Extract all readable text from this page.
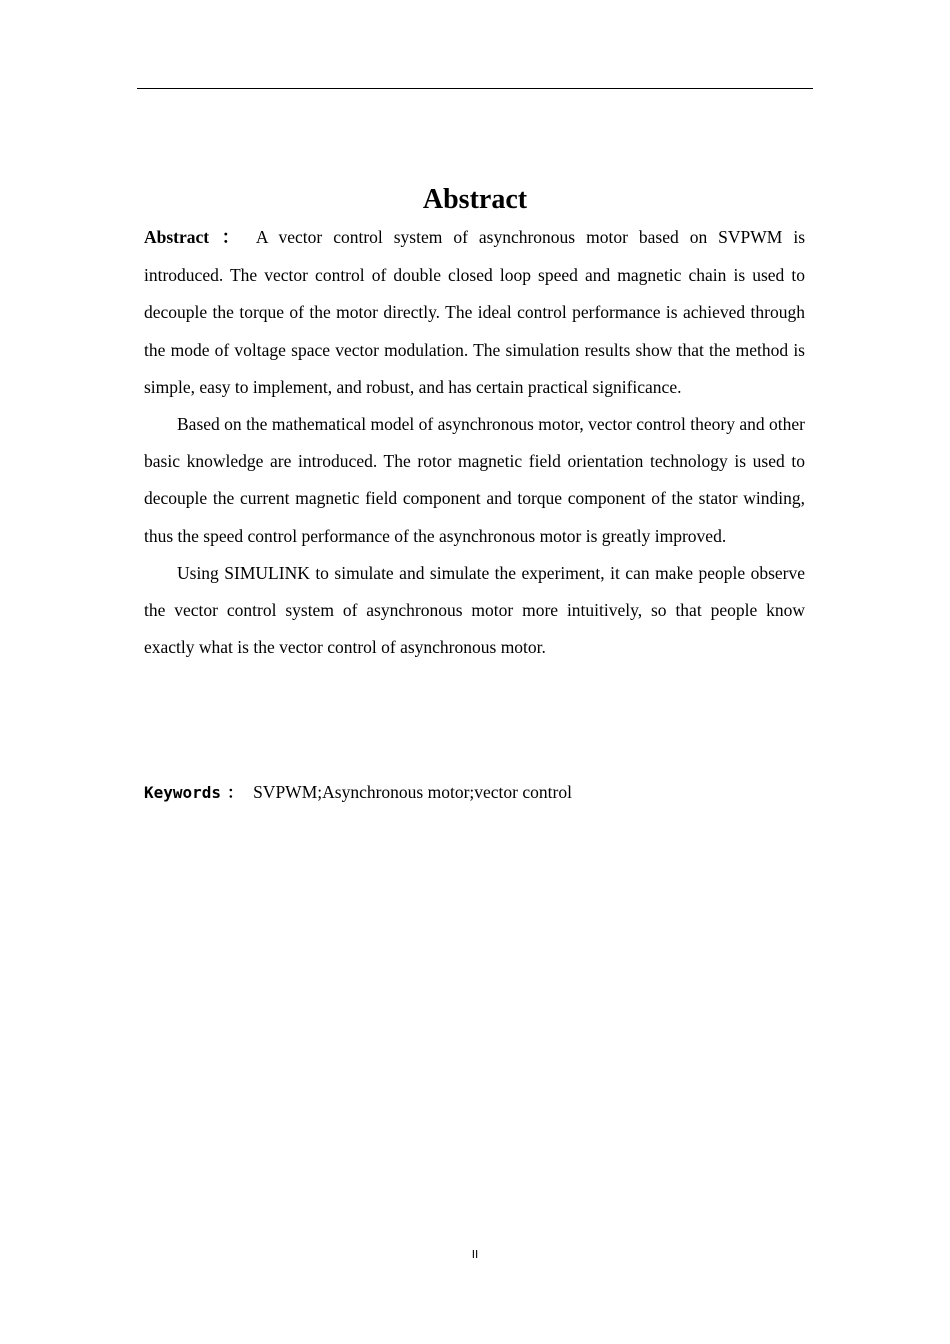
Abstract

Abstract ： A vector control system of asynchronous motor based on SVPWM is introduced. The vector control of double closed loop speed and magnetic chain is used to decouple the torque of the motor directly. The ideal control performance is achieved through the mode of voltage space vector modulation. The simulation results show that the method is simple, easy to implement, and robust, and has certain practical significance.

Based on the mathematical model of asynchronous motor, vector control theory and other basic knowledge are introduced. The rotor magnetic field orientation technology is used to decouple the current magnetic field component and torque component of the stator winding, thus the speed control performance of the asynchronous motor is greatly improved.

Using SIMULINK to simulate and simulate the experiment, it can make people observe the vector control system of asynchronous motor more intuitively, so that people know exactly what is the vector control of asynchronous motor.

Keywords ： SVPWM;Asynchronous motor;vector control
II
